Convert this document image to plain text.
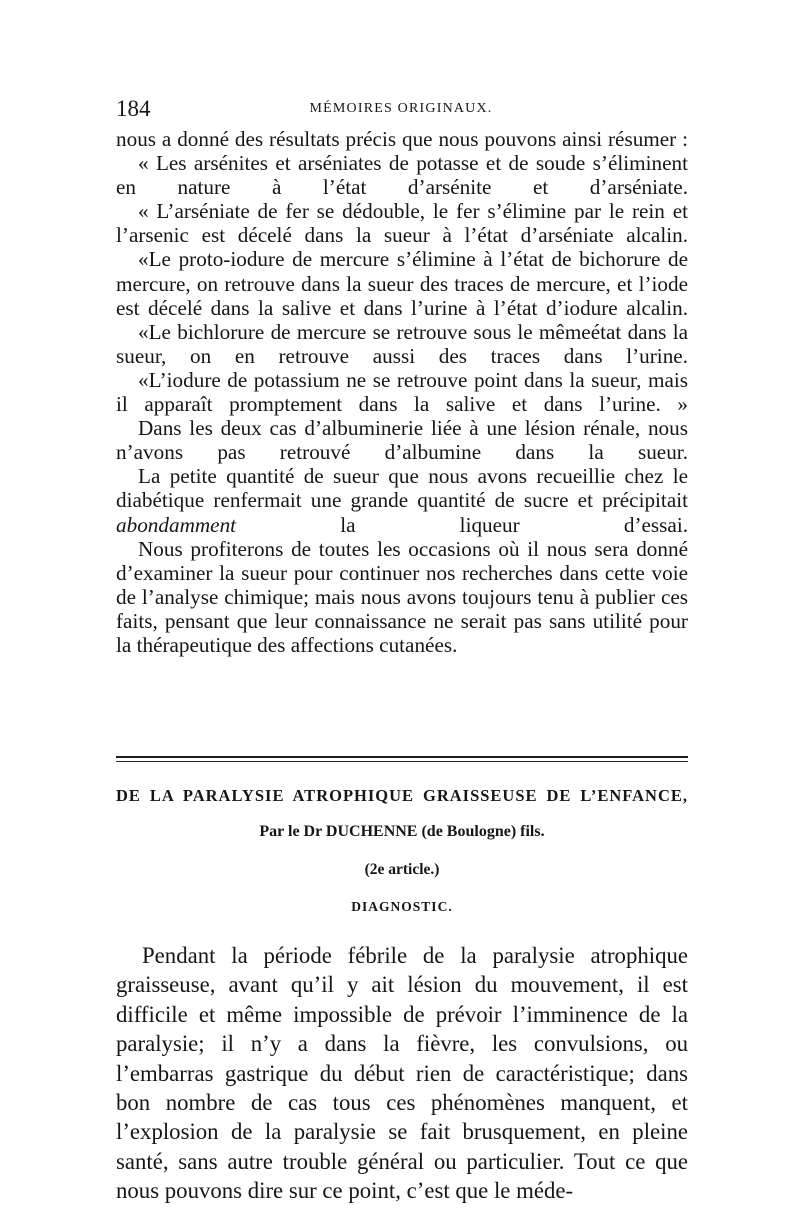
184	MÉMOIRES ORIGINAUX.

nous a donné des résultats précis que nous pouvons ainsi résumer :

« Les arsénites et arséniates de potasse et de soude s’éliminent en nature à l’état d’arsénite et d’arséniate.

« L’arséniate de fer se dédouble, le fer s’élimine par le rein et l’arsenic est décelé dans la sueur à l’état d’arséniate alcalin.

«Le proto-iodure de mercure s’élimine à l’état de bichorure de mercure, on retrouve dans la sueur des traces de mercure, et l’iode est décelé dans la salive et dans l’urine à l’état d’iodure alcalin.

«Le bichlorure de mercure se retrouve sous le mêmeétat dans la sueur, on en retrouve aussi des traces dans l’urine.

«L’iodure de potassium ne se retrouve point dans la sueur, mais il apparaît promptement dans la salive et dans l’urine. »

Dans les deux cas d’albuminerie liée à une lésion rénale, nous n’avons pas retrouvé d’albumine dans la sueur.

La petite quantité de sueur que nous avons recueillie chez le diabétique renfermait une grande quantité de sucre et précipitait abondamment la liqueur d’essai.

Nous profiterons de toutes les occasions où il nous sera donné d’examiner la sueur pour continuer nos recherches dans cette voie de l’analyse chimique; mais nous avons toujours tenu à publier ces faits, pensant que leur connaissance ne serait pas sans utilité pour la thérapeutique des affections cutanées.

DE LA PARALYSIE ATROPHIQUE GRAISSEUSE DE L’ENFANCE,
Par le Dr DUCHENNE (de Boulogne) fils.
(2e article.)
DIAGNOSTIC.

Pendant la période fébrile de la paralysie atrophique graisseuse, avant qu’il y ait lésion du mouvement, il est difficile et même impossible de prévoir l’imminence de la paralysie; il n’y a dans la fièvre, les convulsions, ou l’embarras gastrique du début rien de caractéristique; dans bon nombre de cas tous ces phénomènes manquent, et l’explosion de la paralysie se fait brusquement, en pleine santé, sans autre trouble général ou particulier. Tout ce que nous pouvons dire sur ce point, c’est que le méde-
